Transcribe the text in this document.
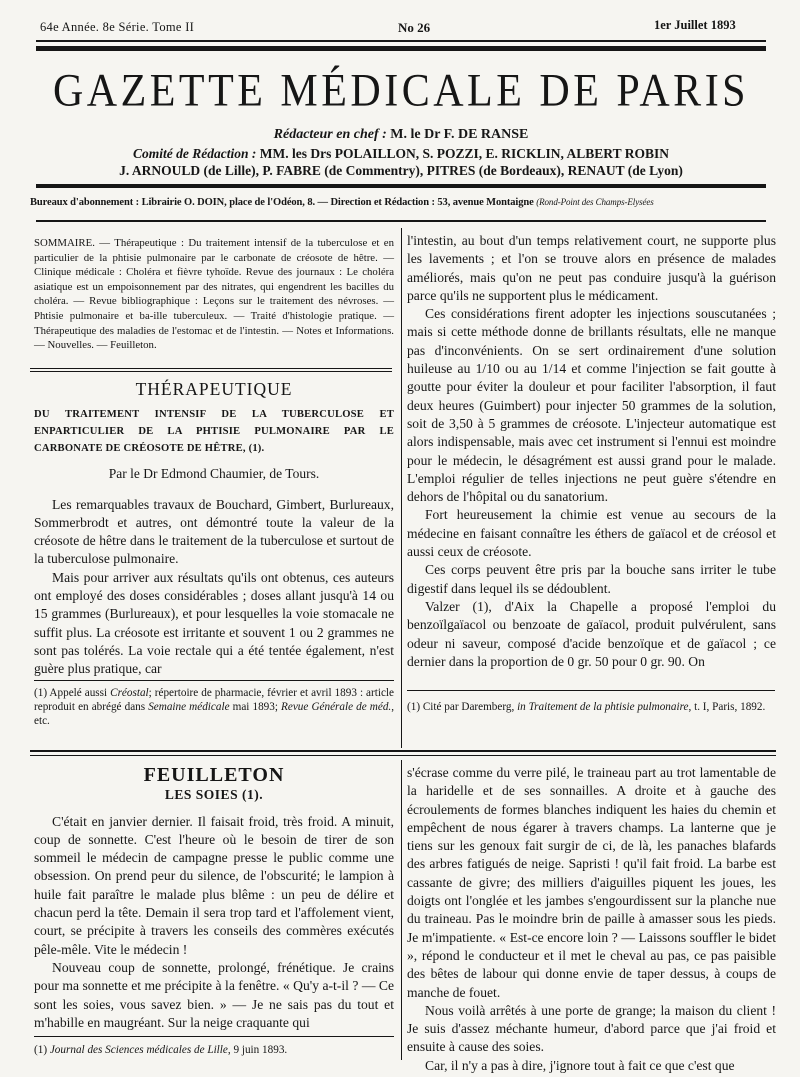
64e Année. 8e Série. Tome II	No 26	1er Juillet 1893
GAZETTE MÉDICALE DE PARIS
Rédacteur en chef : M. le Dr F. DE RANSE
Comité de Rédaction : MM. les Drs POLAILLON, S. POZZI, E. RICKLIN, ALBERT ROBIN
J. ARNOULD (de Lille), P. FABRE (de Commentry), PITRES (de Bordeaux), RENAUT (de Lyon)
Bureaux d'abonnement : Librairie O. DOIN, place de l'Odéon, 8. — Direction et Rédaction : 53, avenue Montaigne (Rond-Point des Champs-Elysées

SOMMAIRE. — Thérapeutique : Du traitement intensif de la tuberculose et en particulier de la phtisie pulmonaire par le carbonate de créosote de hêtre. — Clinique médicale : Choléra et fièvre tyhoïde. Revue des journaux : Le choléra asiatique est un empoisonnement par des nitrates, qui engendrent les bacilles du choléra. — Revue bibliographique : Leçons sur le traitement des névroses. — Phtisie pulmonaire et ba‑ille tuberculeux. — Traité d'histologie pratique. — Thérapeutique des maladies de l'estomac et de l'intestin. — Notes et Informations. — Nouvelles. — Feuilleton.

THÉRAPEUTIQUE

DU TRAITEMENT INTENSIF DE LA TUBERCULOSE ET ENPARTICULIER DE LA PHTISIE PULMONAIRE PAR LE CARBONATE DE CRÉOSOTE DE HÊTRE, (1).

Par le Dr Edmond Chaumier, de Tours.

Les remarquables travaux de Bouchard, Gimbert, Burlureaux, Sommerbrodt et autres, ont démontré toute la valeur de la créosote de hêtre dans le traitement de la tuberculose et surtout de la tuberculose pulmonaire.

Mais pour arriver aux résultats qu'ils ont obtenus, ces auteurs ont employé des doses considérables ; doses allant jusqu'à 14 ou 15 grammes (Burlureaux), et pour lesquelles la voie stomacale ne suffit plus. La créosote est irritante et souvent 1 ou 2 grammes ne sont pas tolérés. La voie rectale qui a été tentée également, n'est guère plus pratique, car

(1) Appelé aussi Créostal; répertoire de pharmacie, février et avril 1893 : article reproduit en abrégé dans Semaine médicale mai 1893; Revue Générale de méd., etc.

l'intestin, au bout d'un temps relativement court, ne supporte plus les lavements ; et l'on se trouve alors en présence de malades améliorés, mais qu'on ne peut pas conduire jusqu'à la guérison parce qu'ils ne supportent plus le médicament.

Ces considérations firent adopter les injections souscutanées ; mais si cette méthode donne de brillants résultats, elle ne manque pas d'inconvénients. On se sert ordinairement d'une solution huileuse au 1/10 ou au 1/14 et comme l'injection se fait goutte à goutte pour éviter la douleur et pour faciliter l'absorption, il faut deux heures (Guimbert) pour injecter 50 grammes de la solution, soit de 3,50 à 5 grammes de créosote. L'injecteur automatique est alors indispensable, mais avec cet instrument si l'ennui est moindre pour le médecin, le désagrément est aussi grand pour le malade. L'emploi régulier de telles injections ne peut guère s'étendre en dehors de l'hôpital ou du sanatorium.

Fort heureusement la chimie est venue au secours de la médecine en faisant connaître les éthers de gaïacol et de créosol et aussi ceux de créosote.

Ces corps peuvent être pris par la bouche sans irriter le tube digestif dans lequel ils se dédoublent.

Valzer (1), d'Aix la Chapelle a proposé l'emploi du benzoïlgaïacol ou benzoate de gaïacol, produit pulvérulent, sans odeur ni saveur, composé d'acide benzoïque et de gaïacol ; ce dernier dans la proportion de 0 gr. 50 pour 0 gr. 90. On

(1) Cité par Daremberg, in Traitement de la phtisie pulmonaire, t. I, Paris, 1892.

FEUILLETON

LES SOIES (1).

C'était en janvier dernier. Il faisait froid, très froid. A minuit, coup de sonnette. C'est l'heure où le besoin de tirer de son sommeil le médecin de campagne presse le public comme une obsession. On prend peur du silence, de l'obscurité; le lampion à huile fait paraître le malade plus blême : un peu de délire et chacun perd la tête. Demain il sera trop tard et l'affolement vient, court, se précipite à travers les conseils des commères exécutés pêle-mêle. Vite le médecin !

Nouveau coup de sonnette, prolongé, frénétique. Je crains pour ma sonnette et me précipite à la fenêtre. « Qu'y a-t-il ? — Ce sont les soies, vous savez bien. » — Je ne sais pas du tout et m'habille en maugréant. Sur la neige craquante qui

(1) Journal des Sciences médicales de Lille, 9 juin 1893.

s'écrase comme du verre pilé, le traineau part au trot lamentable de la haridelle et de ses sonnailles. A droite et à gauche des écroulements de formes blanches indiquent les haies du chemin et empêchent de nous égarer à travers champs. La lanterne que je tiens sur les genoux fait surgir de ci, de là, les panaches blafards des arbres fatigués de neige. Sapristi ! qu'il fait froid. La barbe est cassante de givre; des milliers d'aiguilles piquent les joues, les doigts ont l'onglée et les jambes s'engourdissent sur la planche nue du traineau. Pas le moindre brin de paille à amasser sous les pieds. Je m'impatiente. « Est-ce encore loin ? — Laissons souffler le bidet », répond le conducteur et il met le cheval au pas, ce pas paisible des bêtes de labour qui donne envie de taper dessus, à coups de manche de fouet.

Nous voilà arrêtés à une porte de grange; la maison du client ! Je suis d'assez méchante humeur, d'abord parce que j'ai froid et ensuite à cause des soies.

Car, il n'y a pas à dire, j'ignore tout à fait ce que c'est que
